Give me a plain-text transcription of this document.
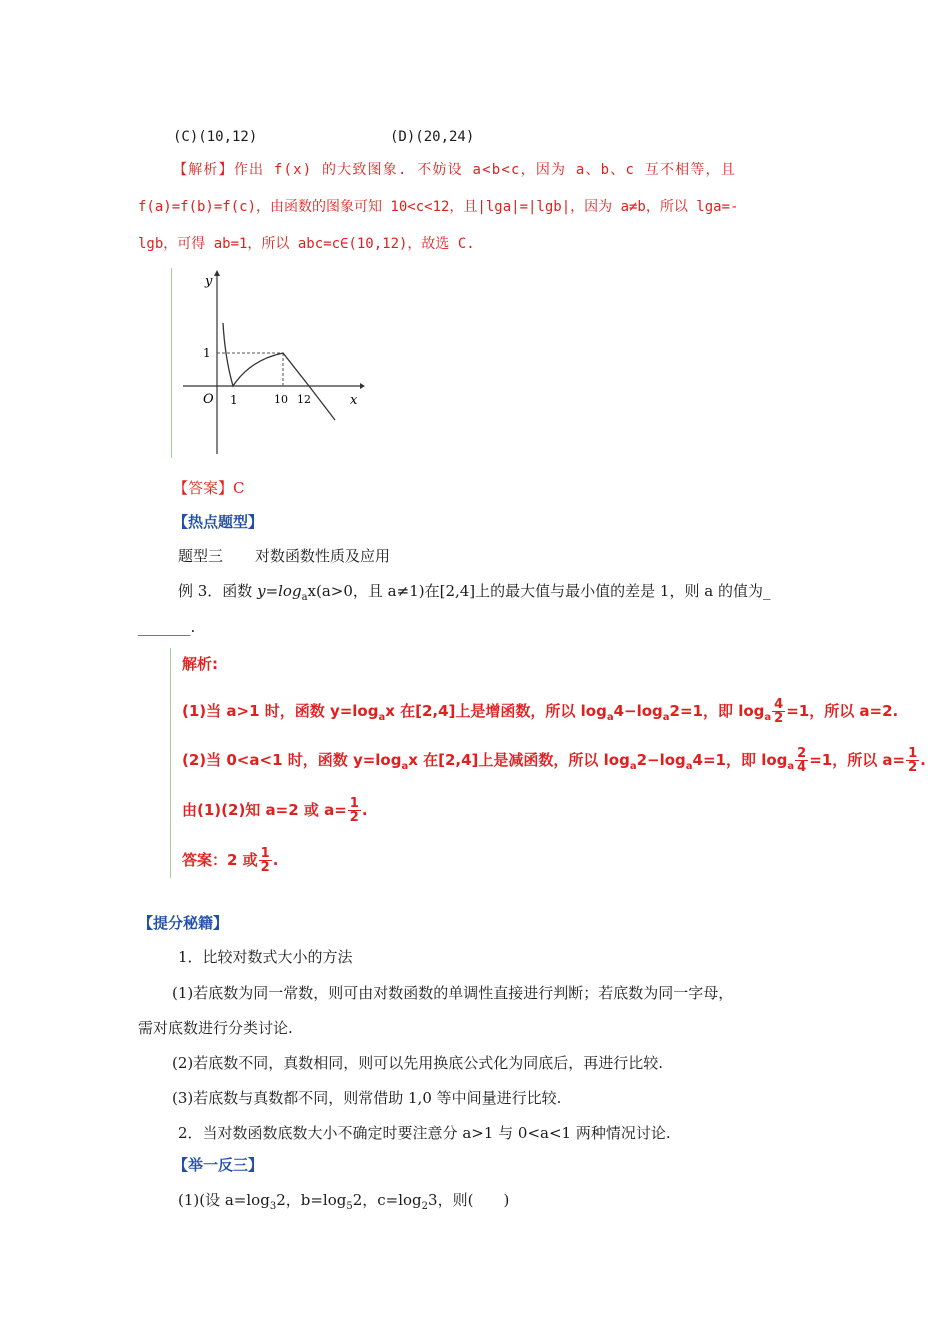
(C)(10,12)	(D)(20,24)
【解析】作出 f(x) 的大致图象. 不妨设 a<b<c，因为 a、b、c 互不相等，且
f(a)=f(b)=f(c)，由函数的图象可知 10<c<12，且|lga|=|lgb|，因为 a≠b，所以 lga=-
lgb，可得 ab=1，所以 abc=c∈(10,12)，故选 C.
y
1
O 1	10 12	x
【答案】C
【热点题型】
题型三 对数函数性质及应用
例 3．函数 $y=\log_ax(a>0$，且 a≠1)在[2,4]上的最大值与最小值的差是 1，则 a 的值为_
_______.
解析:
(1)当 a>1 时，函数 $y=\log_ax$ 在[2,4]上是增函数，所以 $\log_a4-\log_a2=1$，即 $\log_a \frac{4}{2} =1$，所以 a=2.
(2)当 0<a<1 时，函数 $y=\log_ax$ 在[2,4]上是减函数，所以 $\log_a2-\log_a4=1$，即 $\log_a \frac{2}{4} =1$，所以 $a= \frac{1}{2}$ .
由(1)(2)知 a=2 或 $a= \frac{1}{2}$ .
答案：2 或 $\frac{1}{2}$ .
【提分秘籍】
1．比较对数式大小的方法
(1)若底数为同一常数，则可由对数函数的单调性直接进行判断；若底数为同一字母，
需对底数进行分类讨论.
(2)若底数不同，真数相同，则可以先用换底公式化为同底后，再进行比较.
(3)若底数与真数都不同，则常借助 1,0 等中间量进行比较.
2．当对数函数底数大小不确定时要注意分 a>1 与 0<a<1 两种情况讨论.
【举一反三】
(1)(设 $a=\log_32$，$b=\log_52$，$c=\log_23$，则(　　)
